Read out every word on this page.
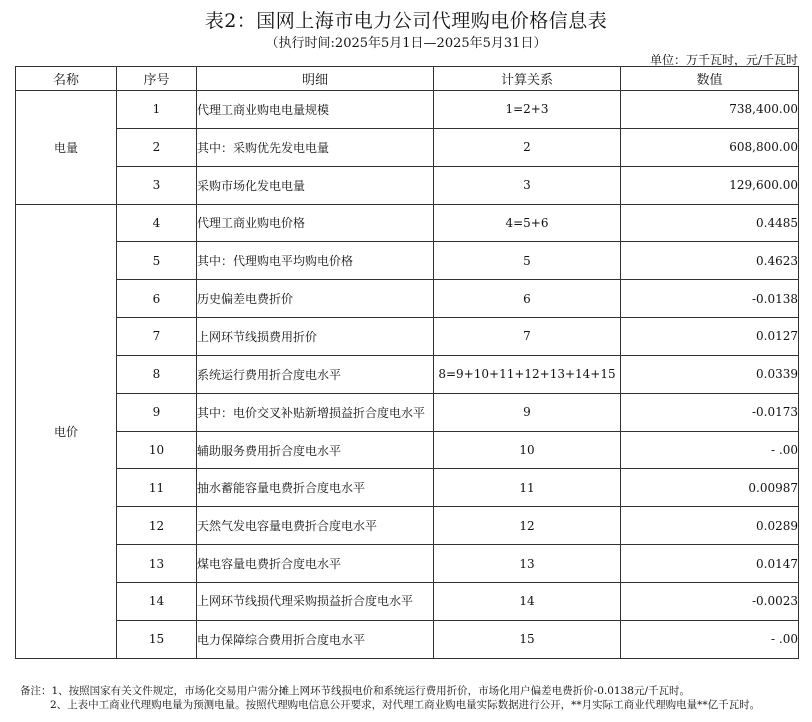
表2：国网上海市电力公司代理购电价格信息表
（执行时间:2025年5月1日—2025年5月31日）
单位：万千瓦时，元/千瓦时
名称	序号	明细	计算关系	数值
电量	1	代理工商业购电电量规模	1=2+3	738,400.00
	2	其中：采购优先发电电量	2	608,800.00
	3	采购市场化发电电量	3	129,600.00
电价	4	代理工商业购电价格	4=5+6	0.4485
	5	其中：代理购电平均购电价格	5	0.4623
	6	历史偏差电费折价	6	-0.0138
	7	上网环节线损费用折价	7	0.0127
	8	系统运行费用折合度电水平	8=9+10+11+12+13+14+15	0.0339
	9	其中：电价交叉补贴新增损益折合度电水平	9	-0.0173
	10	辅助服务费用折合度电水平	10	- .00
	11	抽水蓄能容量电费折合度电水平	11	0.00987
	12	天然气发电容量电费折合度电水平	12	0.0289
	13	煤电容量电费折合度电水平	13	0.0147
	14	上网环节线损代理采购损益折合度电水平	14	-0.0023
	15	电力保障综合费用折合度电水平	15	- .00
备注：1、按照国家有关文件规定，市场化交易用户需分摊上网环节线损电价和系统运行费用折价，市场化用户偏差电费折价-0.0138元/千瓦时。
2、上表中工商业代理购电量为预测电量。按照代理购电信息公开要求，对代理工商业购电量实际数据进行公开，**月实际工商业代理购电量**亿千瓦时。
